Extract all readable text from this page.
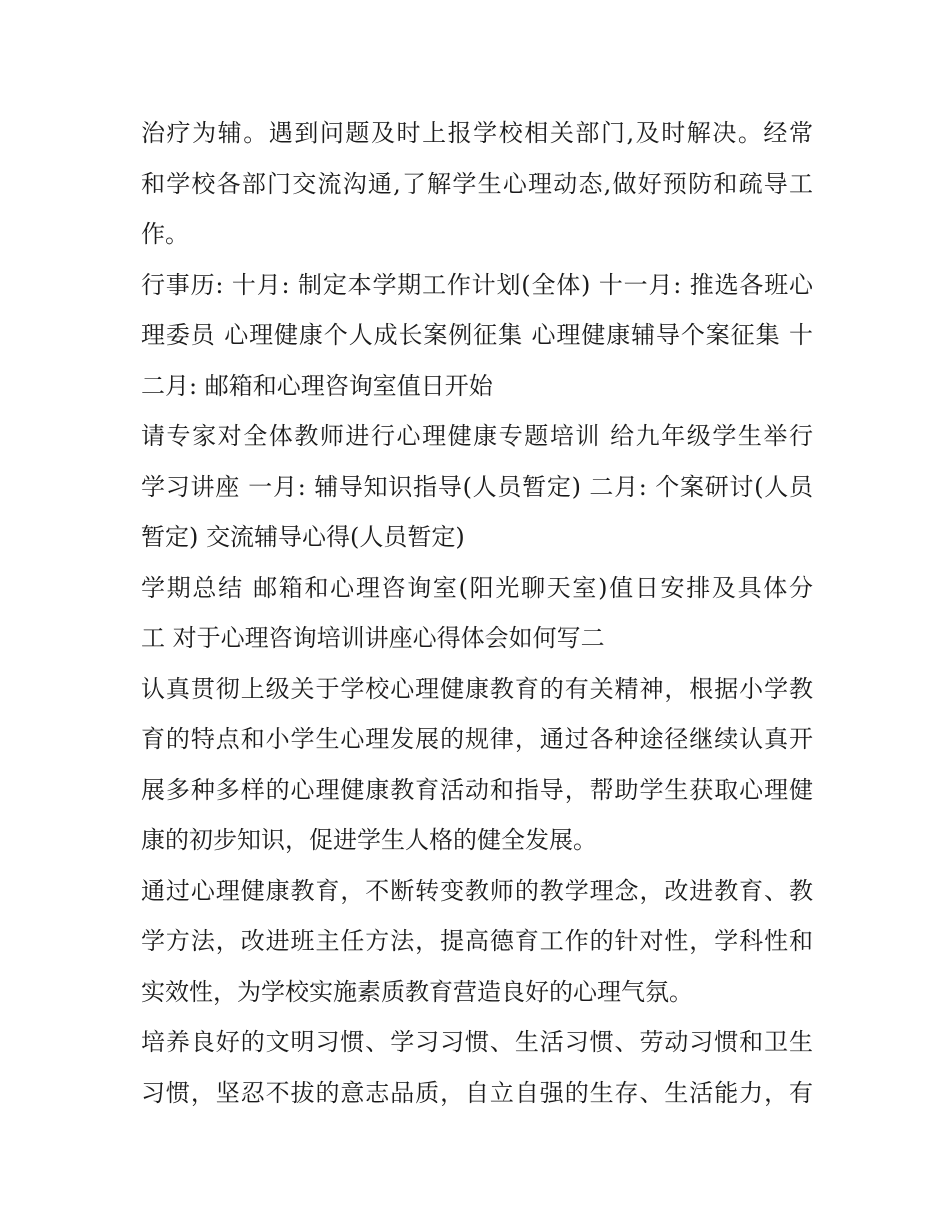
治疗为辅。遇到问题及时上报学校相关部门,及时解决。经常
和学校各部门交流沟通,了解学生心理动态,做好预防和疏导工
作。
行事历: 十月: 制定本学期工作计划(全体) 十一月: 推选各班心
理委员 心理健康个人成长案例征集 心理健康辅导个案征集 十
二月: 邮箱和心理咨询室值日开始
请专家对全体教师进行心理健康专题培训 给九年级学生举行
学习讲座 一月: 辅导知识指导(人员暂定) 二月: 个案研讨(人员
暂定) 交流辅导心得(人员暂定)
学期总结 邮箱和心理咨询室(阳光聊天室)值日安排及具体分
工 对于心理咨询培训讲座心得体会如何写二
认真贯彻上级关于学校心理健康教育的有关精神，根据小学教
育的特点和小学生心理发展的规律，通过各种途径继续认真开
展多种多样的心理健康教育活动和指导，帮助学生获取心理健
康的初步知识，促进学生人格的健全发展。
通过心理健康教育，不断转变教师的教学理念，改进教育、教
学方法，改进班主任方法，提高德育工作的针对性，学科性和
实效性，为学校实施素质教育营造良好的心理气氛。
培养良好的文明习惯、学习习惯、生活习惯、劳动习惯和卫生
习惯，坚忍不拔的意志品质，自立自强的生存、生活能力，有
